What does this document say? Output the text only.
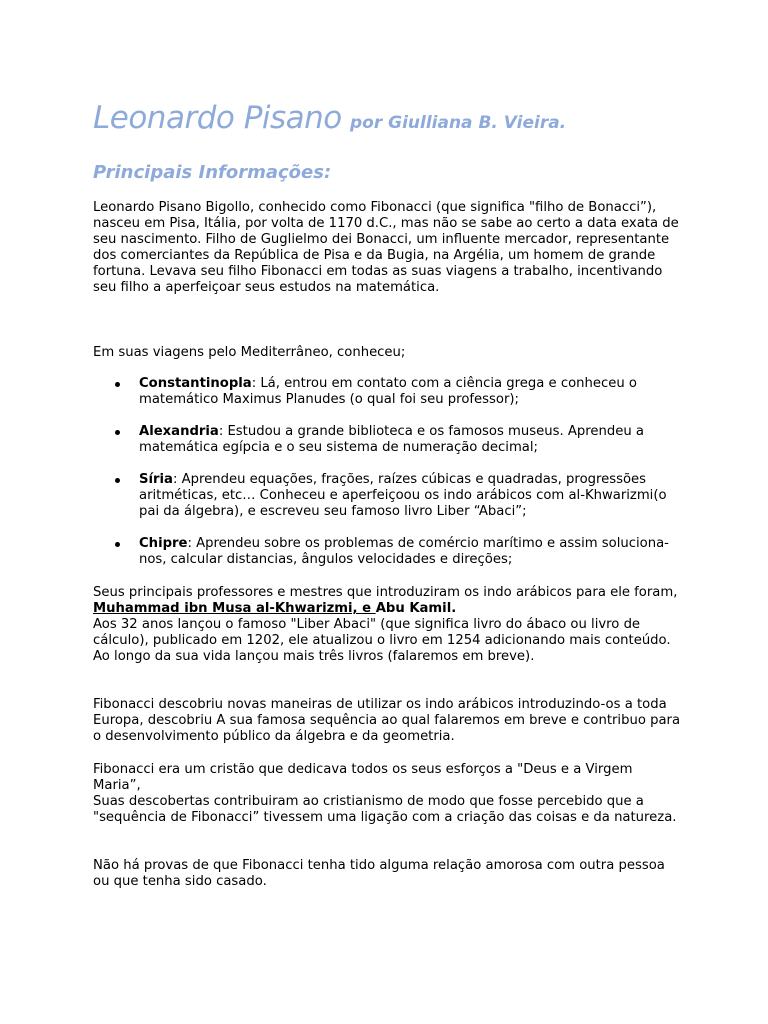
Leonardo Pisano por Giulliana B. Vieira.
Principais Informações:

Leonardo Pisano Bigollo, conhecido como Fibonacci (que significa "filho de Bonacci”), nasceu em Pisa, Itália, por volta de 1170 d.C., mas não se sabe ao certo a data exata de seu nascimento. Filho de Guglielmo dei Bonacci, um influente mercador, representante dos comerciantes da República de Pisa e da Bugia, na Argélia, um homem de grande fortuna. Levava seu filho Fibonacci em todas as suas viagens a trabalho, incentivando seu filho a aperfeiçoar seus estudos na matemática.

Em suas viagens pelo Mediterrâneo, conheceu;

Constantinopla: Lá, entrou em contato com a ciência grega e conheceu o matemático Maximus Planudes (o qual foi seu professor);
Alexandria: Estudou a grande biblioteca e os famosos museus. Aprendeu a matemática egípcia e o seu sistema de numeração decimal;
Síria: Aprendeu equações, frações, raízes cúbicas e quadradas, progressões aritméticas, etc… Conheceu e aperfeiçoou os indo arábicos com al-Khwarizmi(o pai da álgebra), e escreveu seu famoso livro Liber “Abaci”;
Chipre: Aprendeu sobre os problemas de comércio marítimo e assim soluciona-nos, calcular distancias, ângulos velocidades e direções;
Seus principais professores e mestres que introduziram os indo arábicos para ele foram, Muhammad ibn Musa al-Khwarizmi, e Abu Kamil.
Aos 32 anos lançou o famoso "Liber Abaci" (que significa livro do ábaco ou livro de cálculo), publicado em 1202, ele atualizou o livro em 1254 adicionando mais conteúdo.
Ao longo da sua vida lançou mais três livros (falaremos em breve).

Fibonacci descobriu novas maneiras de utilizar os indo arábicos introduzindo-os a toda Europa, descobriu A sua famosa sequência ao qual falaremos em breve e contribuo para o desenvolvimento público da álgebra e da geometria.

Fibonacci era um cristão que dedicava todos os seus esforços a "Deus e a Virgem Maria”,
Suas descobertas contribuiram ao cristianismo de modo que fosse percebido que a "sequência de Fibonacci” tivessem uma ligação com a criação das coisas e da natureza.

Não há provas de que Fibonacci tenha tido alguma relação amorosa com outra pessoa ou que tenha sido casado.
